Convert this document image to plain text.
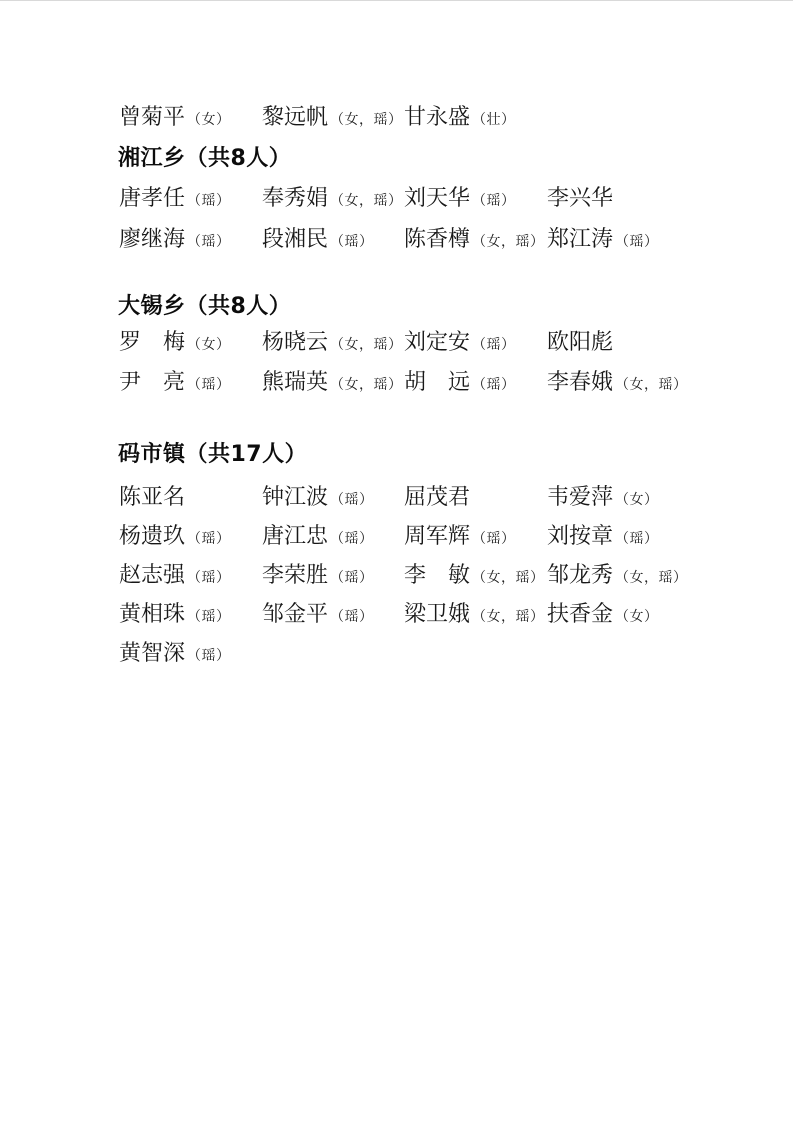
曾菊平 （女） 黎远帆 （女，瑶） 甘永盛 （壮）
湘江乡（共8人）
唐孝任 （瑶） 奉秀娟 （女，瑶） 刘天华 （瑶） 李兴华
廖继海 （瑶） 段湘民 （瑶） 陈香樽 （女，瑶） 郑江涛 （瑶）
大锡乡（共8人）
罗　梅 （女） 杨晓云 （女，瑶） 刘定安 （瑶） 欧阳彪
尹　亮 （瑶） 熊瑞英 （女，瑶） 胡　远 （瑶） 李春娥 （女，瑶）
码市镇（共17人）
陈亚名	钟江波 （瑶） 屈茂君	韦爱萍 （女）
杨遗玖 （瑶） 唐江忠 （瑶） 周军辉 （瑶） 刘按章 （瑶）
赵志强 （瑶） 李荣胜 （瑶） 李　敏 （女，瑶） 邹龙秀 （女，瑶）
黄相珠 （瑶） 邹金平 （瑶） 梁卫娥 （女，瑶） 扶香金 （女）
黄智深 （瑶）
